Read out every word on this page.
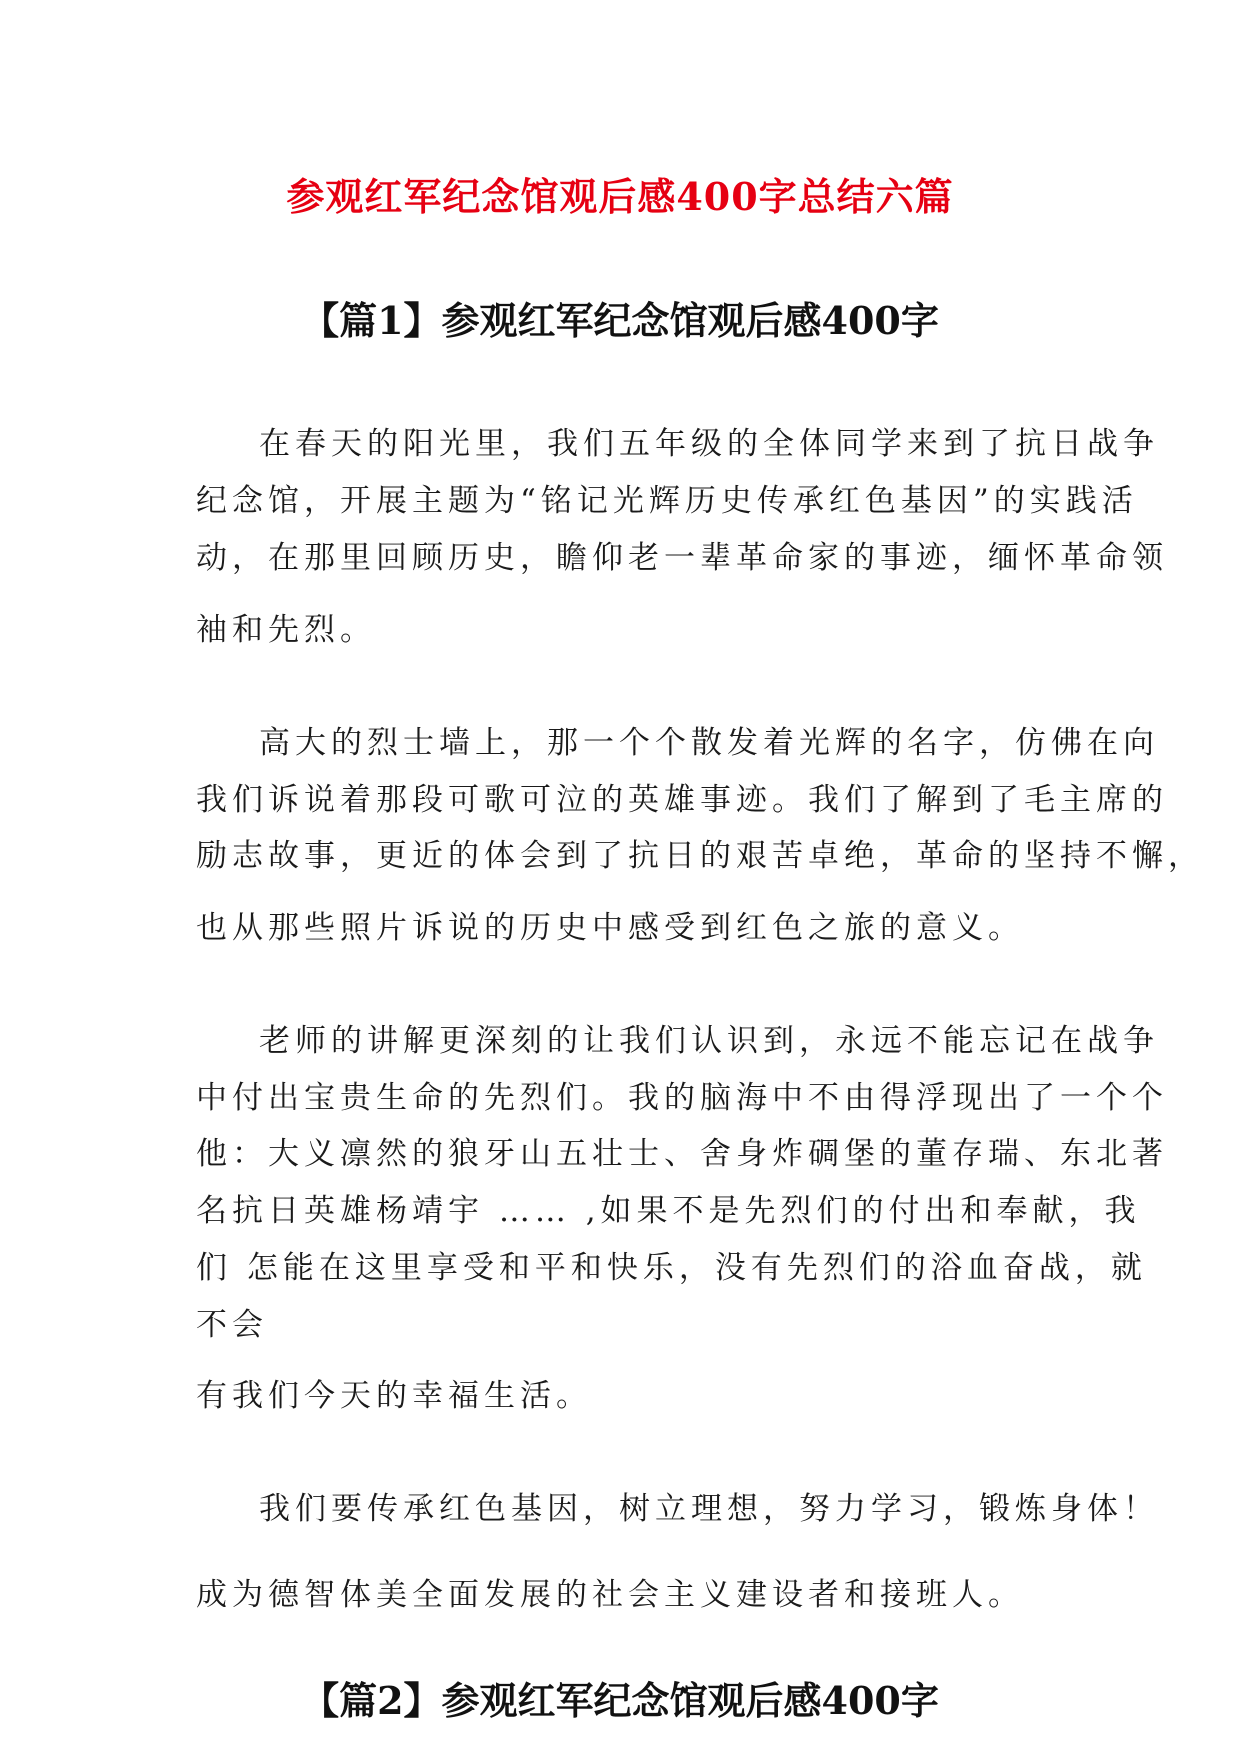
参观红军纪念馆观后感400字总结六篇
【篇1】参观红军纪念馆观后感400字
在春天的阳光里，我们五年级的全体同学来到了抗日战争
纪念馆，开展主题为“铭记光辉历史传承红色基因”的实践活
动，在那里回顾历史，瞻仰老一辈革命家的事迹，缅怀革命领
袖和先烈。
高大的烈士墙上，那一个个散发着光辉的名字，仿佛在向
我们诉说着那段可歌可泣的英雄事迹。我们了解到了毛主席的
励志故事，更近的体会到了抗日的艰苦卓绝，革命的坚持不懈，
也从那些照片诉说的历史中感受到红色之旅的意义。
老师的讲解更深刻的让我们认识到，永远不能忘记在战争
中付出宝贵生命的先烈们。我的脑海中不由得浮现出了一个个
他：大义凛然的狼牙山五壮士、舍身炸碉堡的董存瑞、东北著
名抗日英雄杨靖宇 …… ,如果不是先烈们的付出和奉献，我
们 怎能在这里享受和平和快乐，没有先烈们的浴血奋战，就
不会
有我们今天的幸福生活。
我们要传承红色基因，树立理想，努力学习，锻炼身体！
成为德智体美全面发展的社会主义建设者和接班人。
【篇2】参观红军纪念馆观后感400字
